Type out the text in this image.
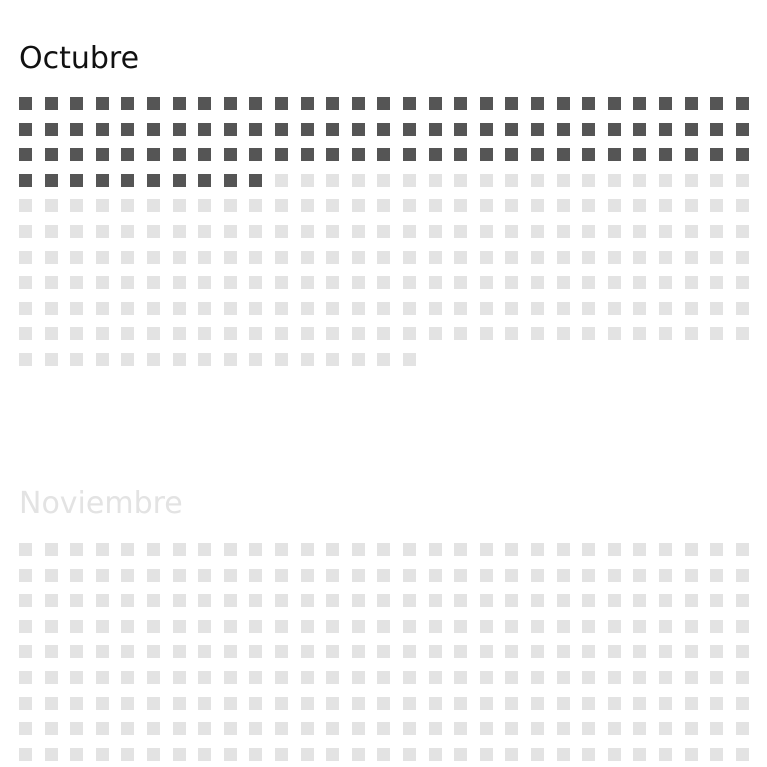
Octubre
Noviembre
